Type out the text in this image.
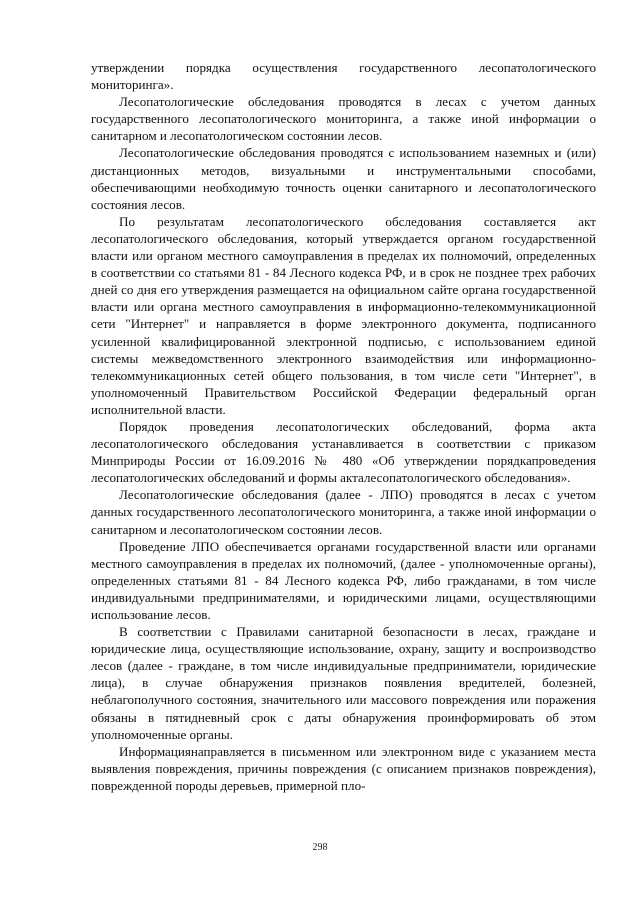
утверждении порядка осуществления государственного лесопатологического мониторинга».

Лесопатологические обследования проводятся в лесах с учетом данных государственного лесопатологического мониторинга, а также иной информации о санитарном и лесопатологическом состоянии лесов.

Лесопатологические обследования проводятся с использованием наземных и (или) дистанционных методов, визуальными и инструментальными способами, обеспечивающими необходимую точность оценки санитарного и лесопатологического состояния лесов.

По результатам лесопатологического обследования составляется акт лесопатологического обследования, который утверждается органом государственной власти или органом местного самоуправления в пределах их полномочий, определенных в соответствии со статьями 81 - 84 Лесного кодекса РФ, и в срок не позднее трех рабочих дней со дня его утверждения размещается на официальном сайте органа государственной власти или органа местного самоуправления в информационно-телекоммуникационной сети "Интернет" и направляется в форме электронного документа, подписанного усиленной квалифицированной электронной подписью, с использованием единой системы межведомственного электронного взаимодействия или информационно-телекоммуникационных сетей общего пользования, в том числе сети "Интернет", в уполномоченный Правительством Российской Федерации федеральный орган исполнительной власти.

Порядок проведения лесопатологических обследований, форма акта лесопатологического обследования устанавливается в соответствии с приказом Минприроды России от 16.09.2016 № 480 «Об утверждении порядкапроведения лесопатологических обследований и формы акталесопатологического обследования».

Лесопатологические обследования (далее - ЛПО) проводятся в лесах с учетом данных государственного лесопатологического мониторинга, а также иной информации о санитарном и лесопатологическом состоянии лесов.

Проведение ЛПО обеспечивается органами государственной власти или органами местного самоуправления в пределах их полномочий, (далее - уполномоченные органы), определенных статьями 81 - 84 Лесного кодекса РФ, либо гражданами, в том числе индивидуальными предпринимателями, и юридическими лицами, осуществляющими использование лесов.

В соответствии с Правилами санитарной безопасности в лесах, граждане и юридические лица, осуществляющие использование, охрану, защиту и воспроизводство лесов (далее - граждане, в том числе индивидуальные предприниматели, юридические лица), в случае обнаружения признаков появления вредителей, болезней, неблагополучного состояния, значительного или массового повреждения или поражения обязаны в пятидневный срок с даты обнаружения проинформировать об этом уполномоченные органы.

Информациянаправляется в письменном или электронном виде с указанием места выявления повреждения, причины повреждения (с описанием признаков повреждения), поврежденной породы деревьев, примерной пло-

298
